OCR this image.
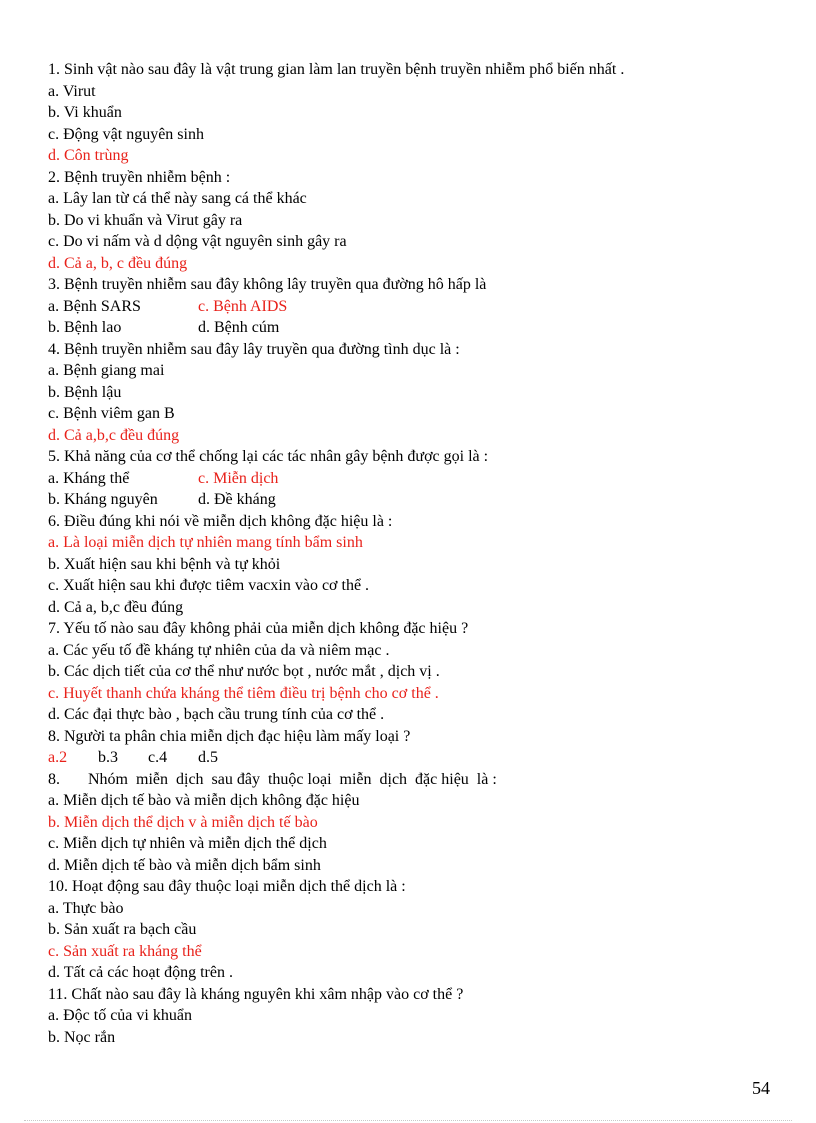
1. Sinh vật nào sau đây là vật trung gian làm lan truyền bệnh truyền nhiễm phổ biến nhất .
a. Virut
b. Vi khuẩn
c. Động vật nguyên sinh
d. Côn trùng
2. Bệnh truyền nhiễm bệnh :
a. Lây lan từ cá thể này sang cá thể khác
b. Do vi khuẩn và Virut gây ra
c. Do vi nấm và d dộng vật nguyên sinh gây ra
d. Cả a, b, c đều đúng
3. Bệnh truyền nhiễm sau đây không lây truyền qua đường hô hấp là
a. Bệnh SARS	c. Bệnh AIDS
b. Bệnh lao	d. Bệnh cúm
4. Bệnh truyền nhiễm sau đây lây truyền qua đường tình dục là :
a. Bệnh giang mai
b. Bệnh lậu
c. Bệnh viêm gan B
d. Cả a,b,c đều đúng
5. Khả năng của cơ thể chống lại các tác nhân gây bệnh được gọi là :
a. Kháng thể	c. Miễn dịch
b. Kháng nguyên	d. Đề kháng
6. Điều đúng khi nói về miễn dịch không đặc hiệu là :
a. Là loại miễn dịch tự nhiên mang tính bẩm sinh
b. Xuất hiện sau khi bệnh và tự khỏi
c. Xuất hiện sau khi được tiêm vacxin vào cơ thể .
d. Cả a, b,c đều đúng
7. Yếu tố nào sau đây không phải của miễn dịch không đặc hiệu ?
a. Các yếu tố đề kháng tự nhiên của da và niêm mạc .
b. Các dịch tiết của cơ thể như nước bọt , nước mắt , dịch vị .
c. Huyết thanh chứa kháng thể tiêm điều trị bệnh cho cơ thể .
d. Các đại thực bào , bạch cầu trung tính của cơ thể .
8. Người ta phân chia miễn dịch đạc hiệu làm mấy loại ?
a.2 b.3 c.4 d.5
8.       Nhóm  miễn  dịch  sau đây  thuộc loại  miễn  dịch  đặc hiệu  là :
a. Miễn dịch tế bào và miễn dịch không đặc hiệu
b. Miễn dịch thể dịch v à miễn dịch tế bào
c. Miễn dịch tự nhiên và miễn dịch thể dịch
d. Miễn dịch tế bào và miễn dịch bẩm sinh
10. Hoạt động sau đây thuộc loại miễn dịch thể dịch là :
a. Thực bào
b. Sản xuất ra bạch cầu
c. Sản xuất ra kháng thể
d. Tất cả các hoạt động trên .
11. Chất nào sau đây là kháng nguyên khi xâm nhập vào cơ thể ?
a. Độc tố của vi khuẩn
b. Nọc rắn
54
